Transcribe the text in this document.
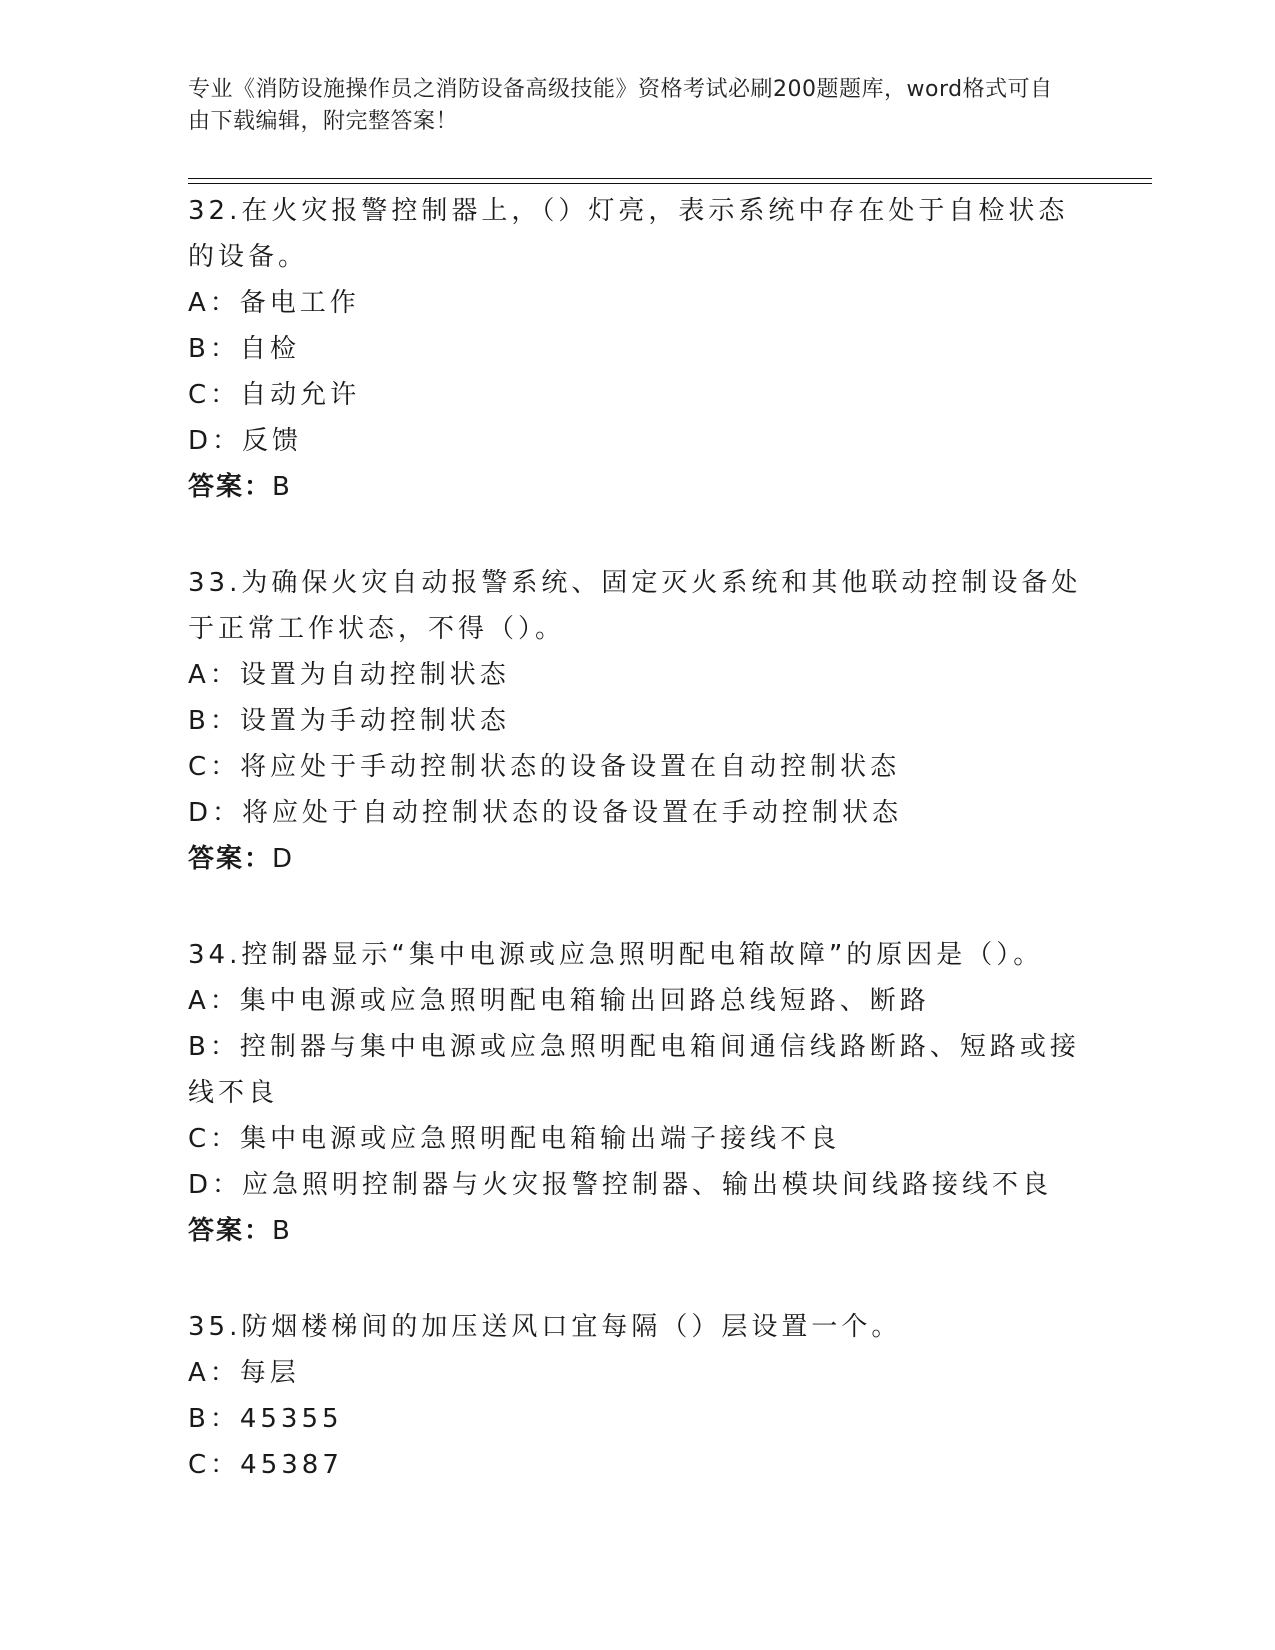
专业《消防设施操作员之消防设备高级技能》资格考试必刷200题题库，word格式可自由下载编辑，附完整答案！

32.在火灾报警控制器上，（）灯亮，表示系统中存在处于自检状态的设备。

A：备电工作

B：自检

C：自动允许

D：反馈

答案：B

33.为确保火灾自动报警系统、固定灭火系统和其他联动控制设备处于正常工作状态，不得（）。

A：设置为自动控制状态

B：设置为手动控制状态

C：将应处于手动控制状态的设备设置在自动控制状态

D：将应处于自动控制状态的设备设置在手动控制状态

答案：D

34.控制器显示“集中电源或应急照明配电箱故障”的原因是（）。

A：集中电源或应急照明配电箱输出回路总线短路、断路

B：控制器与集中电源或应急照明配电箱间通信线路断路、短路或接线不良

C：集中电源或应急照明配电箱输出端子接线不良

D：应急照明控制器与火灾报警控制器、输出模块间线路接线不良

答案：B

35.防烟楼梯间的加压送风口宜每隔（）层设置一个。

A：每层

B：45355

C：45387
